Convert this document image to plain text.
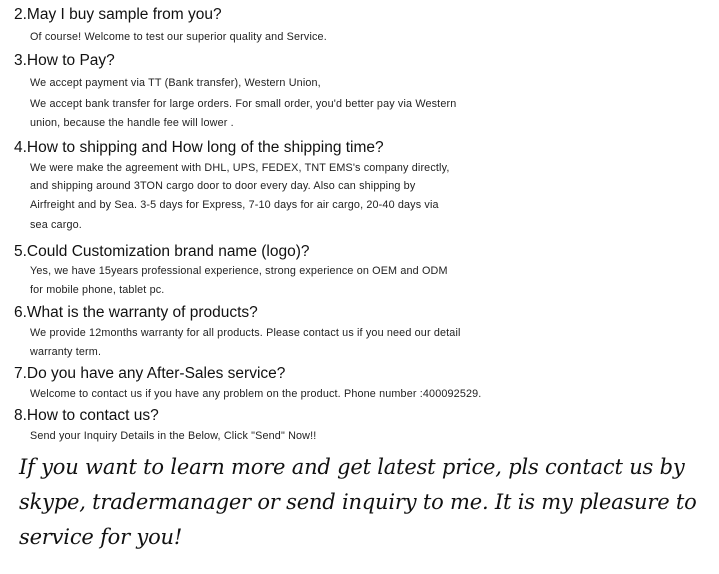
2.May I buy sample from you?
Of course! Welcome to test our superior quality and Service.
3.How to Pay?
We accept payment via TT (Bank transfer), Western Union,
We accept bank transfer for large orders. For small order, you'd better pay via Western
union, because the handle fee will lower .
4.How to shipping and How long of the shipping time?
We were make the agreement with DHL, UPS, FEDEX, TNT EMS's company directly,
and shipping around 3TON cargo door to door every day. Also can shipping by
Airfreight and by Sea. 3-5 days for Express, 7-10 days for air cargo, 20-40 days via
sea cargo.
5.Could Customization brand name (logo)?
Yes, we have 15years professional experience, strong experience on OEM and ODM
for mobile phone, tablet pc.
6.What is the warranty of products?
We provide 12months warranty for all products. Please contact us if you need our detail
warranty term.
7.Do you have any After-Sales service?
Welcome to contact us if you have any problem on the product. Phone number :400092529.
8.How to contact us?
Send your Inquiry Details in the Below, Click "Send" Now!!
If you want to learn more and get latest price, pls contact us by
skype, tradermanager or send inquiry to me. It is my pleasure to
service for you!
